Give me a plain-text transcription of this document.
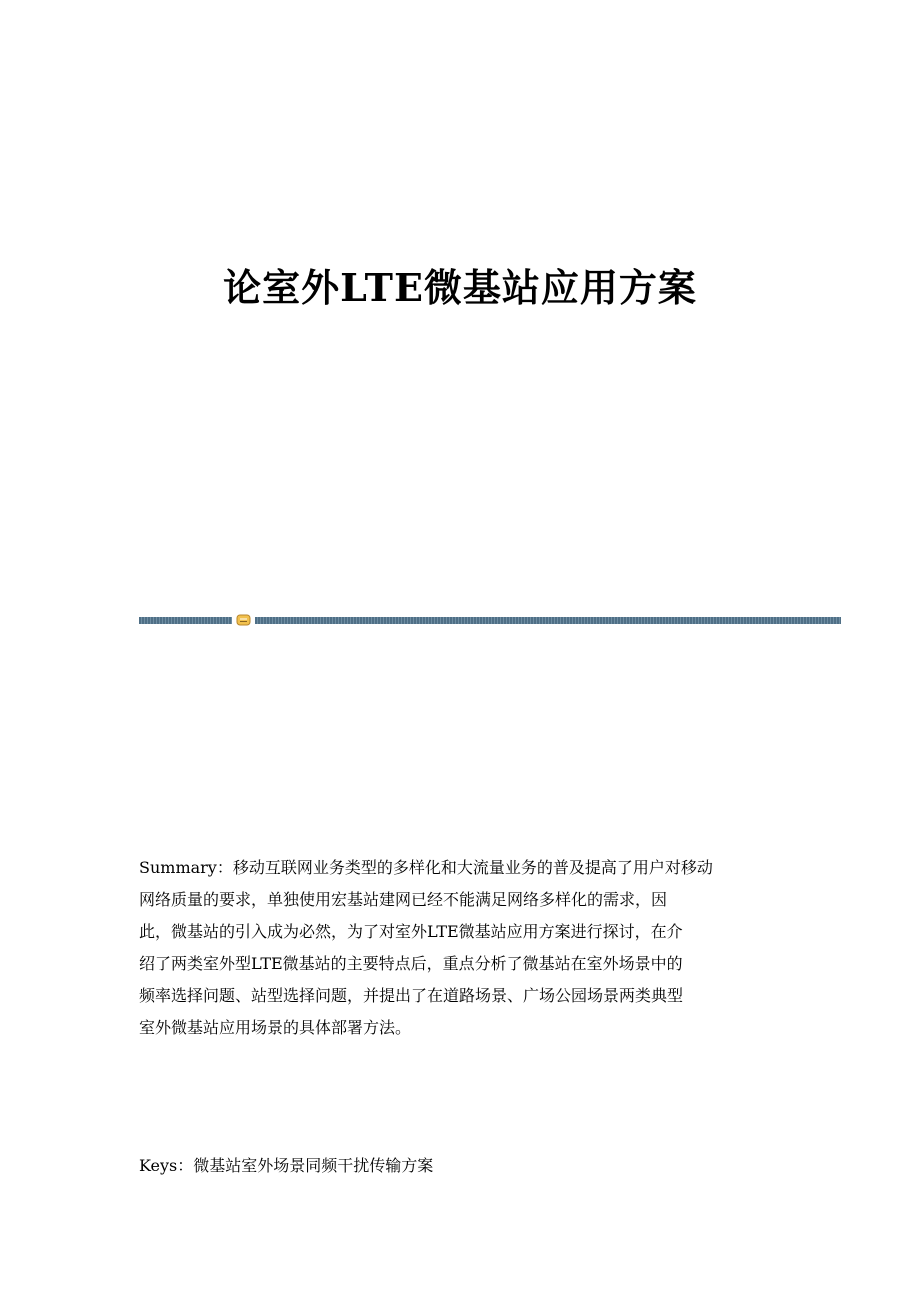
论室外LTE微基站应用方案
Summary：移动互联网业务类型的多样化和大流量业务的普及提高了用户对移动
网络质量的要求，单独使用宏基站建网已经不能满足网络多样化的需求，因
此，微基站的引入成为必然，为了对室外LTE微基站应用方案进行探讨，在介
绍了两类室外型LTE微基站的主要特点后，重点分析了微基站在室外场景中的
频率选择问题、站型选择问题，并提出了在道路场景、广场公园场景两类典型
室外微基站应用场景的具体部署方法。

Keys：微基站室外场景同频干扰传输方案
